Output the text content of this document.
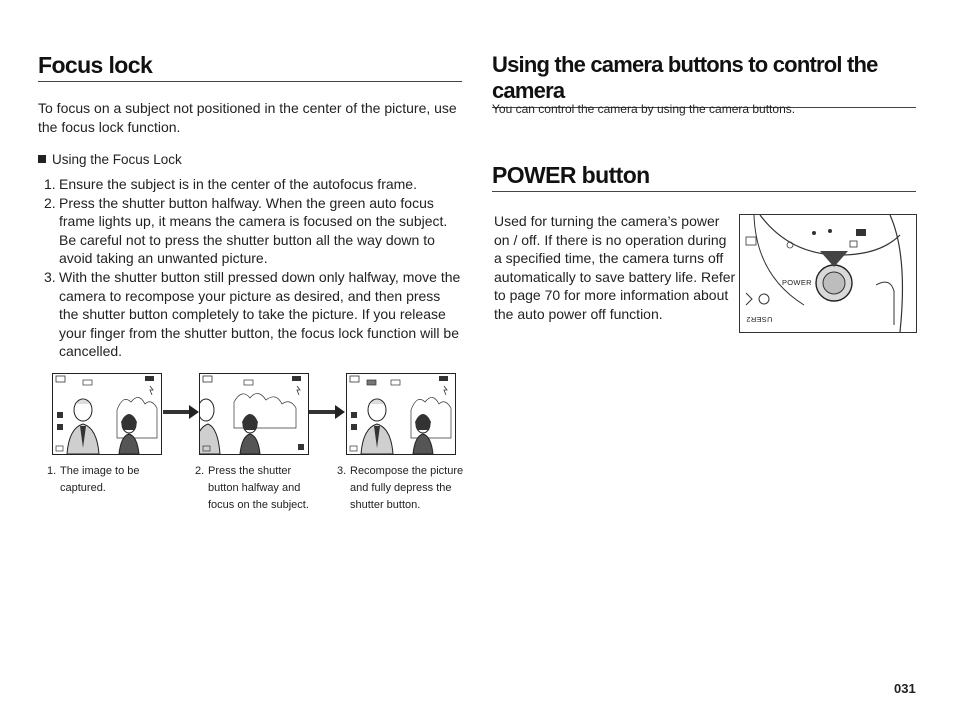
Focus lock

To focus on a subject not positioned in the center of the picture, use the focus lock function.

Using the Focus Lock
1. Ensure the subject is in the center of the autofocus frame.
2. Press the shutter button halfway. When the green auto focus frame lights up, it means the camera is focused on the subject. Be careful not to press the shutter button all the way down to avoid taking an unwanted picture.
3. With the shutter button still pressed down only halfway, move the camera to recompose your picture as desired, and then press the shutter button completely to take the picture. If you release your finger from the shutter button, the focus lock function will be cancelled.
1. The image to be captured.
2. Press the shutter button halfway and focus on the subject.
3. Recompose the picture and fully depress the shutter button.
Using the camera buttons to control the camera

You can control the camera by using the camera buttons.

POWER button

Used for turning the camera’s power on / off. If there is no operation during a specified time, the camera turns off automatically to save battery life. Refer to page 70 for more information about the auto power off function.

POWER
USER2
031
